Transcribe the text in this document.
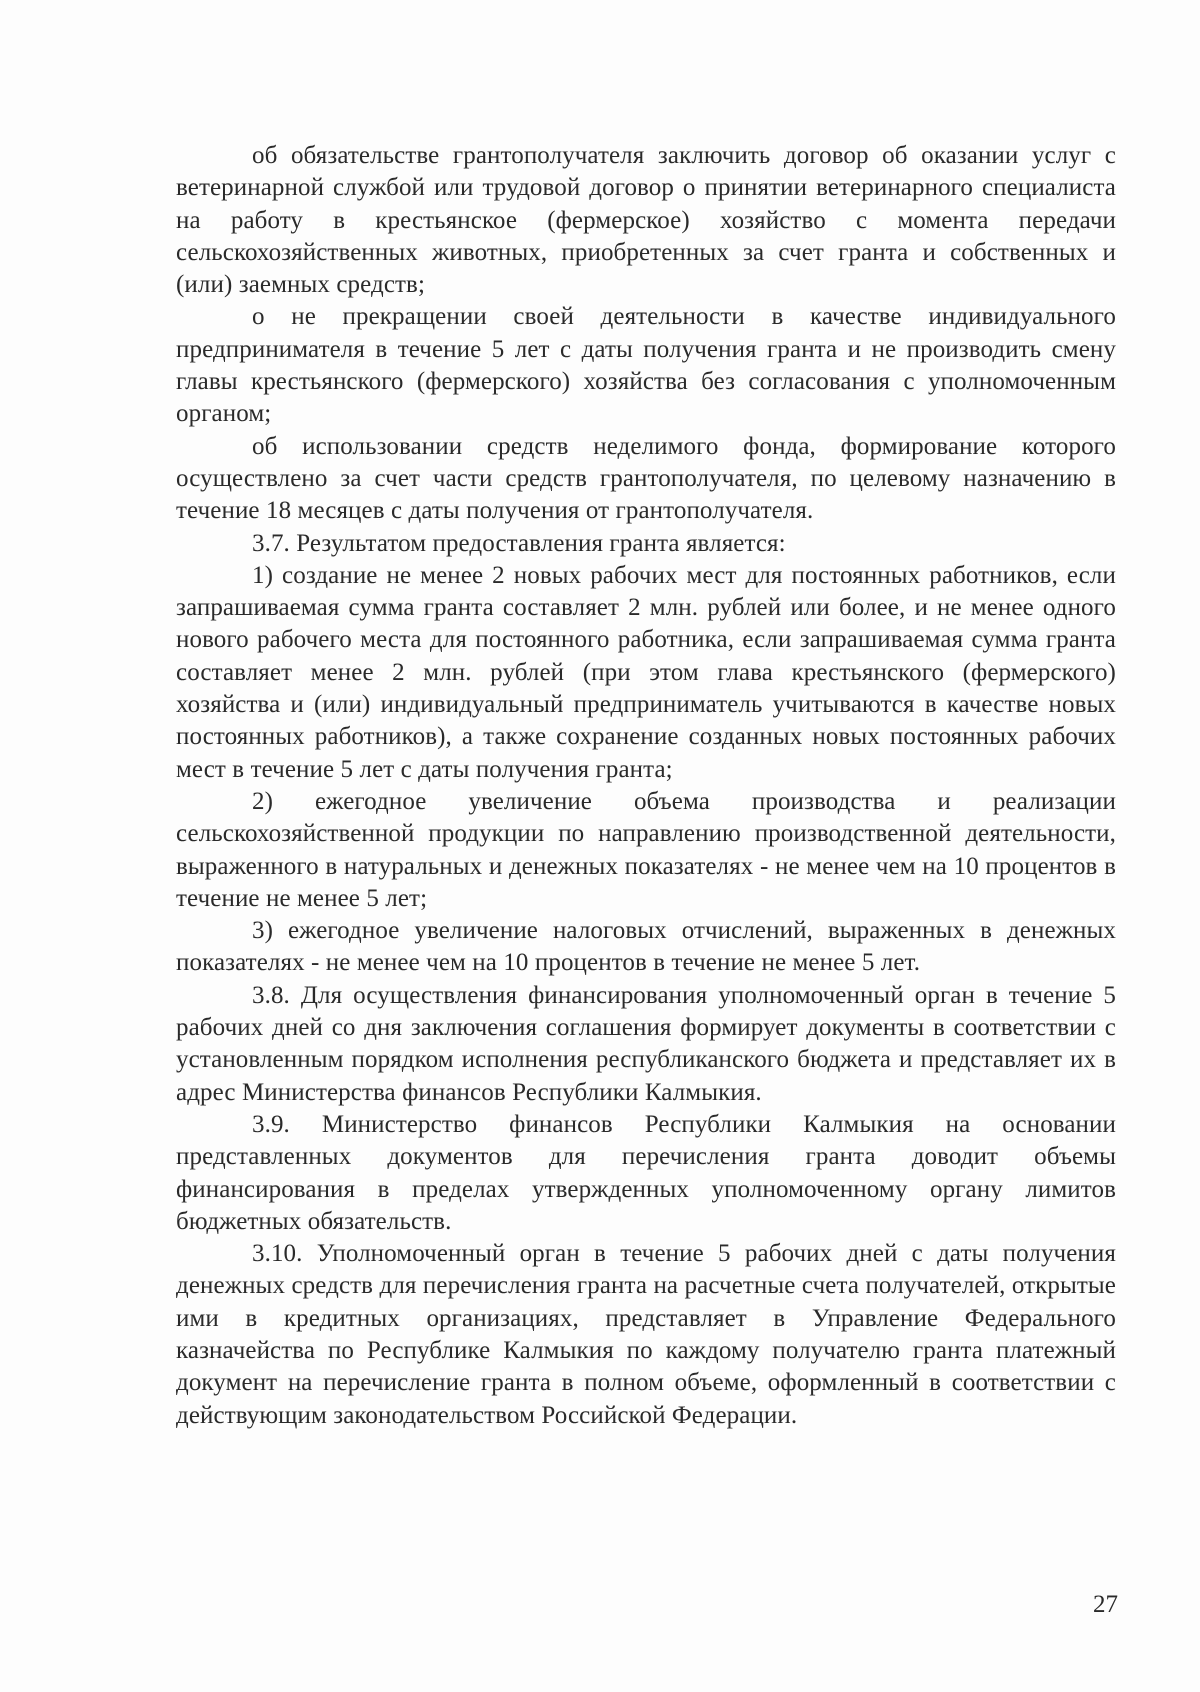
об обязательстве грантополучателя заключить договор об оказании услуг с ветеринарной службой или трудовой договор о принятии ветеринарного специалиста на работу в крестьянское (фермерское) хозяйство с момента передачи сельскохозяйственных животных, приобретенных за счет гранта и собственных и (или) заемных средств;

о не прекращении своей деятельности в качестве индивидуального предпринимателя в течение 5 лет с даты получения гранта и не производить смену главы крестьянского (фермерского) хозяйства без согласования с уполномоченным органом;

об использовании средств неделимого фонда, формирование которого осуществлено за счет части средств грантополучателя, по целевому назначению в течение 18 месяцев с даты получения от грантополучателя.

3.7. Результатом предоставления гранта является:

1) создание не менее 2 новых рабочих мест для постоянных работников, если запрашиваемая сумма гранта составляет 2 млн. рублей или более, и не менее одного нового рабочего места для постоянного работника, если запрашиваемая сумма гранта составляет менее 2 млн. рублей (при этом глава крестьянского (фермерского) хозяйства и (или) индивидуальный предприниматель учитываются в качестве новых постоянных работников), а также сохранение созданных новых постоянных рабочих мест в течение 5 лет с даты получения гранта;

2) ежегодное увеличение объема производства и реализации сельскохозяйственной продукции по направлению производственной деятельности, выраженного в натуральных и денежных показателях - не менее чем на 10 процентов в течение не менее 5 лет;

3) ежегодное увеличение налоговых отчислений, выраженных в денежных показателях - не менее чем на 10 процентов в течение не менее 5 лет.

3.8. Для осуществления финансирования уполномоченный орган в течение 5 рабочих дней со дня заключения соглашения формирует документы в соответствии с установленным порядком исполнения республиканского бюджета и представляет их в адрес Министерства финансов Республики Калмыкия.

3.9. Министерство финансов Республики Калмыкия на основании представленных документов для перечисления гранта доводит объемы финансирования в пределах утвержденных уполномоченному органу лимитов бюджетных обязательств.

3.10. Уполномоченный орган в течение 5 рабочих дней с даты получения денежных средств для перечисления гранта на расчетные счета получателей, открытые ими в кредитных организациях, представляет в Управление Федерального казначейства по Республике Калмыкия по каждому получателю гранта платежный документ на перечисление гранта в полном объеме, оформленный в соответствии с действующим законодательством Российской Федерации.

27
